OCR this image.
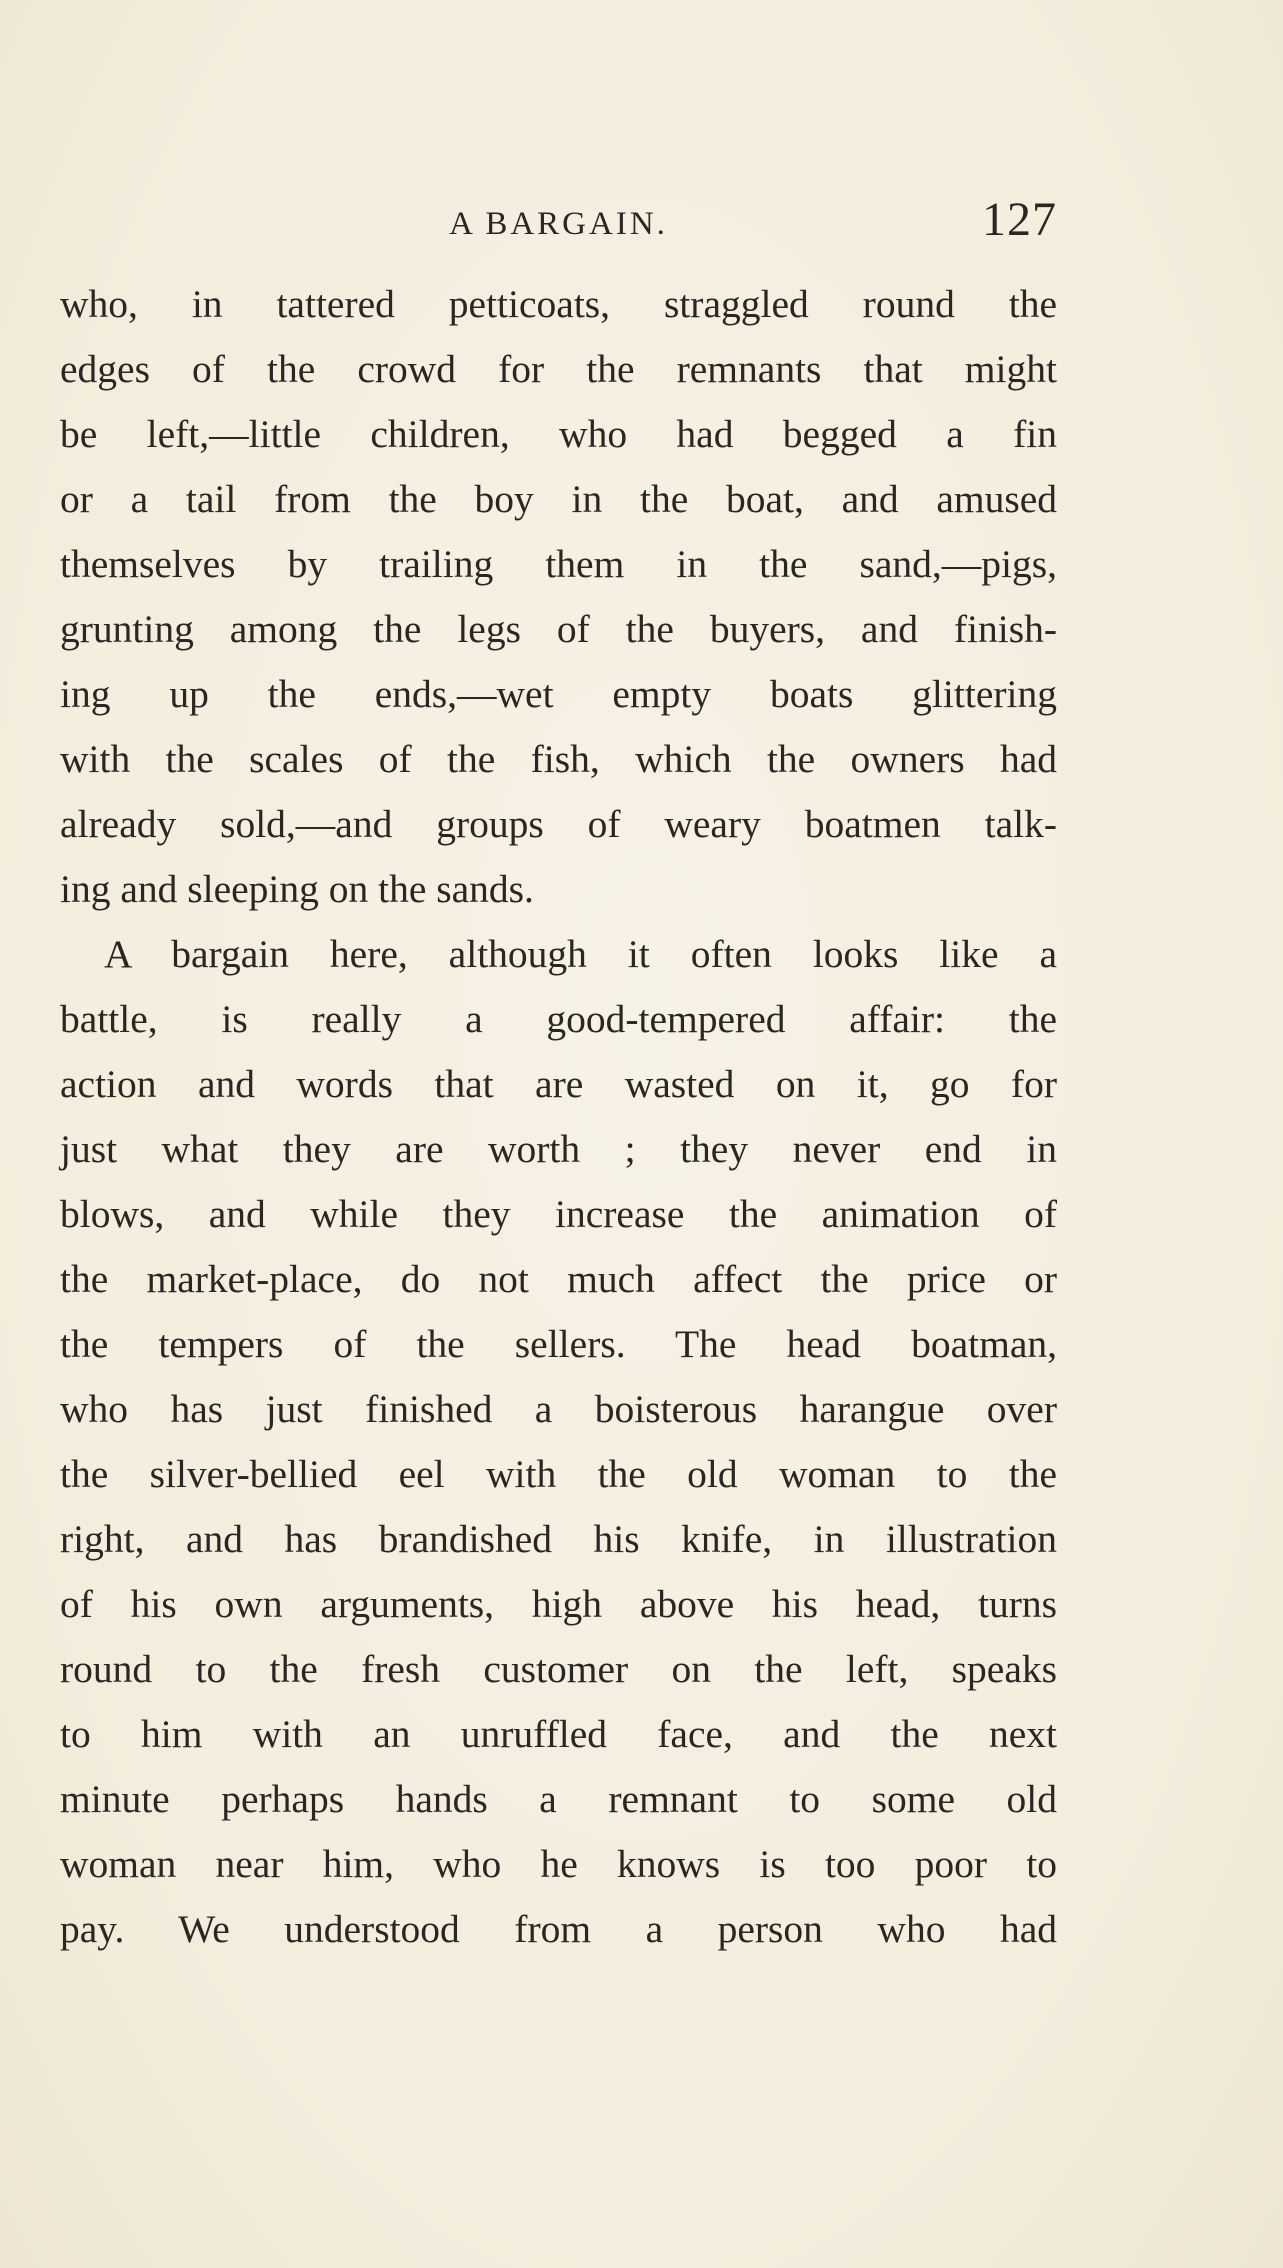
A BARGAIN.	127
who, in tattered petticoats, straggled round the
edges of the crowd for the remnants that might
be left,—little children, who had begged a fin
or a tail from the boy in the boat, and amused
themselves by trailing them in the sand,—pigs,
grunting among the legs of the buyers, and finish-
ing up the ends,—wet empty boats glittering
with the scales of the fish, which the owners had
already sold,—and groups of weary boatmen talk-
ing and sleeping on the sands.
A bargain here, although it often looks like a
battle, is really a good-tempered affair: the
action and words that are wasted on it, go for
just what they are worth ; they never end in
blows, and while they increase the animation of
the market-place, do not much affect the price or
the tempers of the sellers. The head boatman,
who has just finished a boisterous harangue over
the silver-bellied eel with the old woman to the
right, and has brandished his knife, in illustration
of his own arguments, high above his head, turns
round to the fresh customer on the left, speaks
to him with an unruffled face, and the next
minute perhaps hands a remnant to some old
woman near him, who he knows is too poor to
pay. We understood from a person who had
